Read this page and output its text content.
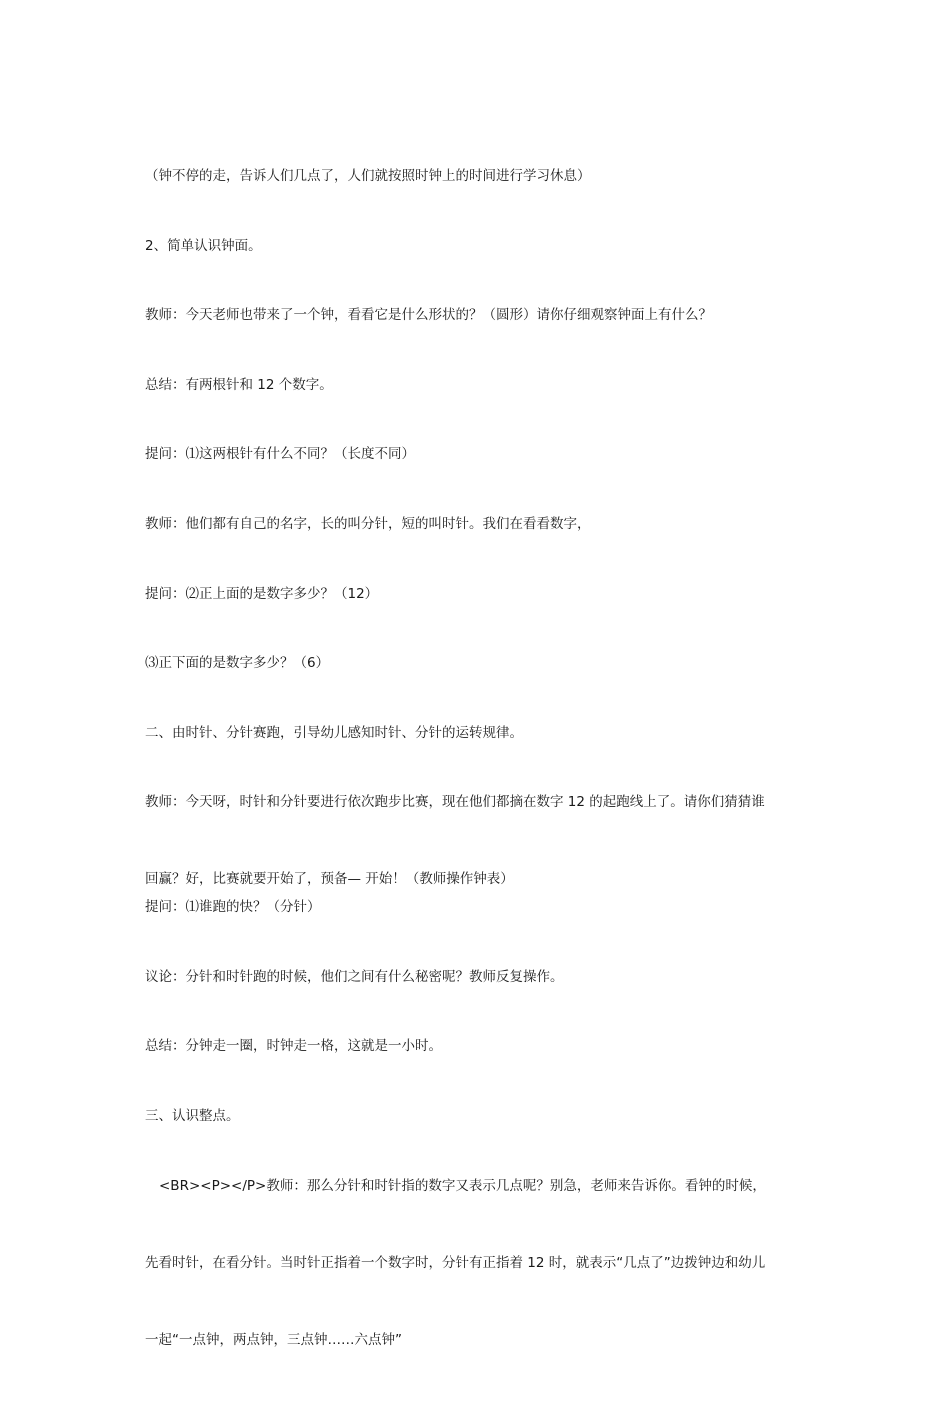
（钟不停的走，告诉人们几点了，人们就按照时钟上的时间进行学习休息）

2、简单认识钟面。

教师：今天老师也带来了一个钟，看看它是什么形状的？（圆形）请你仔细观察钟面上有什么？

总结：有两根针和 12 个数字。

提问：⑴这两根针有什么不同？（长度不同）

教师：他们都有自己的名字，长的叫分针，短的叫时针。我们在看看数字，

提问：⑵正上面的是数字多少？（12）

⑶正下面的是数字多少？（6）

二、由时针、分针赛跑，引导幼儿感知时针、分针的运转规律。

教师：今天呀，时针和分针要进行依次跑步比赛，现在他们都摘在数字 12 的起跑线上了。请你们猜猜谁

回赢？好，比赛就要开始了，预备— 开始！（教师操作钟表）

提问：⑴谁跑的快？（分针）

议论：分针和时针跑的时候，他们之间有什么秘密呢？教师反复操作。

总结：分钟走一圈，时钟走一格，这就是一小时。

三、认识整点。

<BR><P></P>教师：那么分针和时针指的数字又表示几点呢？别急，老师来告诉你。看钟的时候，

先看时针，在看分针。当时针正指着一个数字时，分针有正指着 12 时，就表示“几点了”边拨钟边和幼儿

一起“一点钟，两点钟，三点钟……六点钟”
